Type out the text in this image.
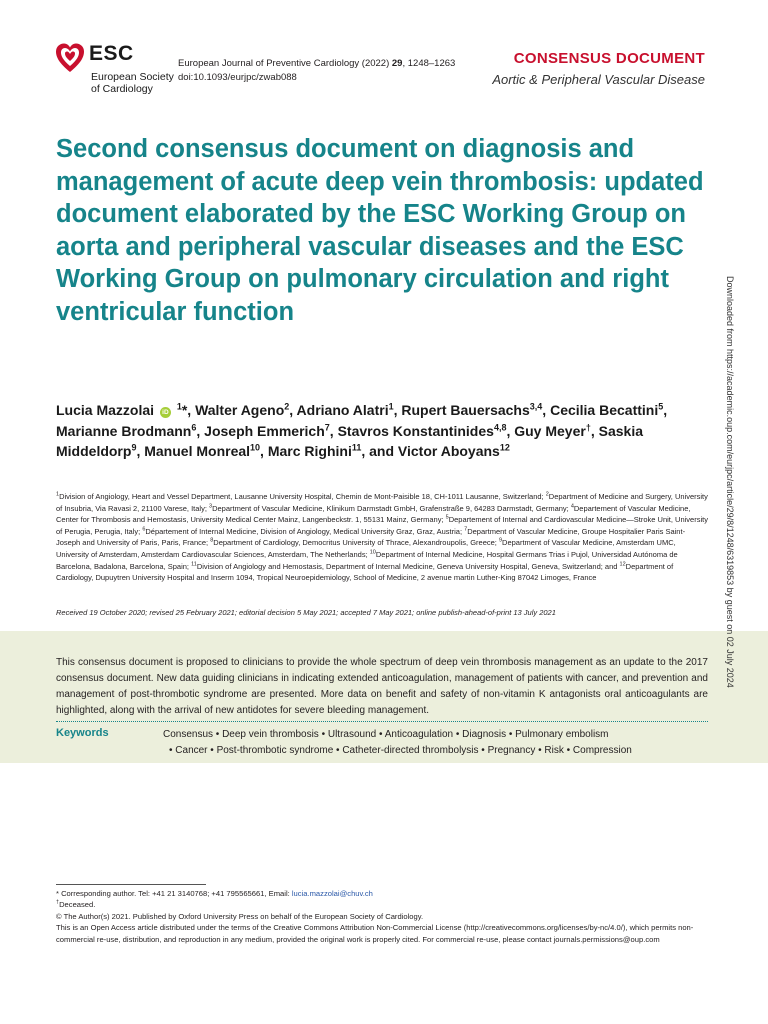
ESC
European Society
of Cardiology
European Journal of Preventive Cardiology (2022) 29, 1248–1263
doi:10.1093/eurjpc/zwab088
CONSENSUS DOCUMENT
Aortic & Peripheral Vascular Disease
Second consensus document on diagnosis and management of acute deep vein thrombosis: updated document elaborated by the ESC Working Group on aorta and peripheral vascular diseases and the ESC Working Group on pulmonary circulation and right ventricular function
Lucia Mazzolai iD $^1$*, Walter Ageno$^2$, Adriano Alatri$^1$, Rupert Bauersachs$^{3,4}$, Cecilia Becattini$^5$, Marianne Brodmann$^6$, Joseph Emmerich$^7$, Stavros Konstantinides$^{4,8}$, Guy Meyer†, Saskia Middeldorp$^9$, Manuel Monreal$^{10}$, Marc Righini$^{11}$, and Victor Aboyans$^{12}$
$^1$Division of Angiology, Heart and Vessel Department, Lausanne University Hospital, Chemin de Mont-Paisible 18, CH-1011 Lausanne, Switzerland; $^2$Department of Medicine and Surgery, University of Insubria, Via Ravasi 2, 21100 Varese, Italy; $^3$Department of Vascular Medicine, Klinikum Darmstadt GmbH, Grafenstraße 9, 64283 Darmstadt, Germany; $^4$Departement of Vascular Medicine, Center for Thrombosis and Hemostasis, University Medical Center Mainz, Langenbeckstr. 1, 55131 Mainz, Germany; $^5$Departement of Internal and Cardiovascular Medicine—Stroke Unit, University of Perugia, Perugia, Italy; $^6$Département of Internal Medicine, Division of Angiology, Medical University Graz, Graz, Austria; $^7$Department of Vascular Medicine, Groupe Hospitalier Paris Saint-Joseph and University of Paris, Paris, France; $^8$Department of Cardiology, Democritus University of Thrace, Alexandroupolis, Greece; $^9$Department of Vascular Medicine, Amsterdam UMC, University of Amsterdam, Amsterdam Cardiovascular Sciences, Amsterdam, The Netherlands; $^{10}$Department of Internal Medicine, Hospital Germans Trias i Pujol, Universidad Autónoma de Barcelona, Badalona, Barcelona, Spain; $^{11}$Division of Angiology and Hemostasis, Department of Internal Medicine, Geneva University Hospital, Geneva, Switzerland; and $^{12}$Department of Cardiology, Dupuytren University Hospital and Inserm 1094, Tropical Neuroepidemiology, School of Medicine, 2 avenue martin Luther-King 87042 Limoges, France
Received 19 October 2020; revised 25 February 2021; editorial decision 5 May 2021; accepted 7 May 2021; online publish-ahead-of-print 13 July 2021
This consensus document is proposed to clinicians to provide the whole spectrum of deep vein thrombosis management as an update to the 2017 consensus document. New data guiding clinicians in indicating extended anticoagulation, management of patients with cancer, and prevention and management of post-thrombotic syndrome are presented. More data on benefit and safety of non-vitamin K antagonists oral anticoagulants are highlighted, along with the arrival of new antidotes for severe bleeding management.
Keywords	Consensus • Deep vein thrombosis • Ultrasound • Anticoagulation • Diagnosis • Pulmonary embolism
• Cancer • Post-thrombotic syndrome • Catheter-directed thrombolysis • Pregnancy • Risk • Compression
Downloaded from https://academic.oup.com/eurjpc/article/29/8/1248/6319853 by guest on 02 July 2024
* Corresponding author. Tel: +41 21 3140768; +41 795565661, Email: lucia.mazzolai@chuv.ch
†Deceased.
© The Author(s) 2021. Published by Oxford University Press on behalf of the European Society of Cardiology.
This is an Open Access article distributed under the terms of the Creative Commons Attribution Non-Commercial License (http://creativecommons.org/licenses/by-nc/4.0/), which permits non-commercial re-use, distribution, and reproduction in any medium, provided the original work is properly cited. For commercial re-use, please contact journals.permissions@oup.com
